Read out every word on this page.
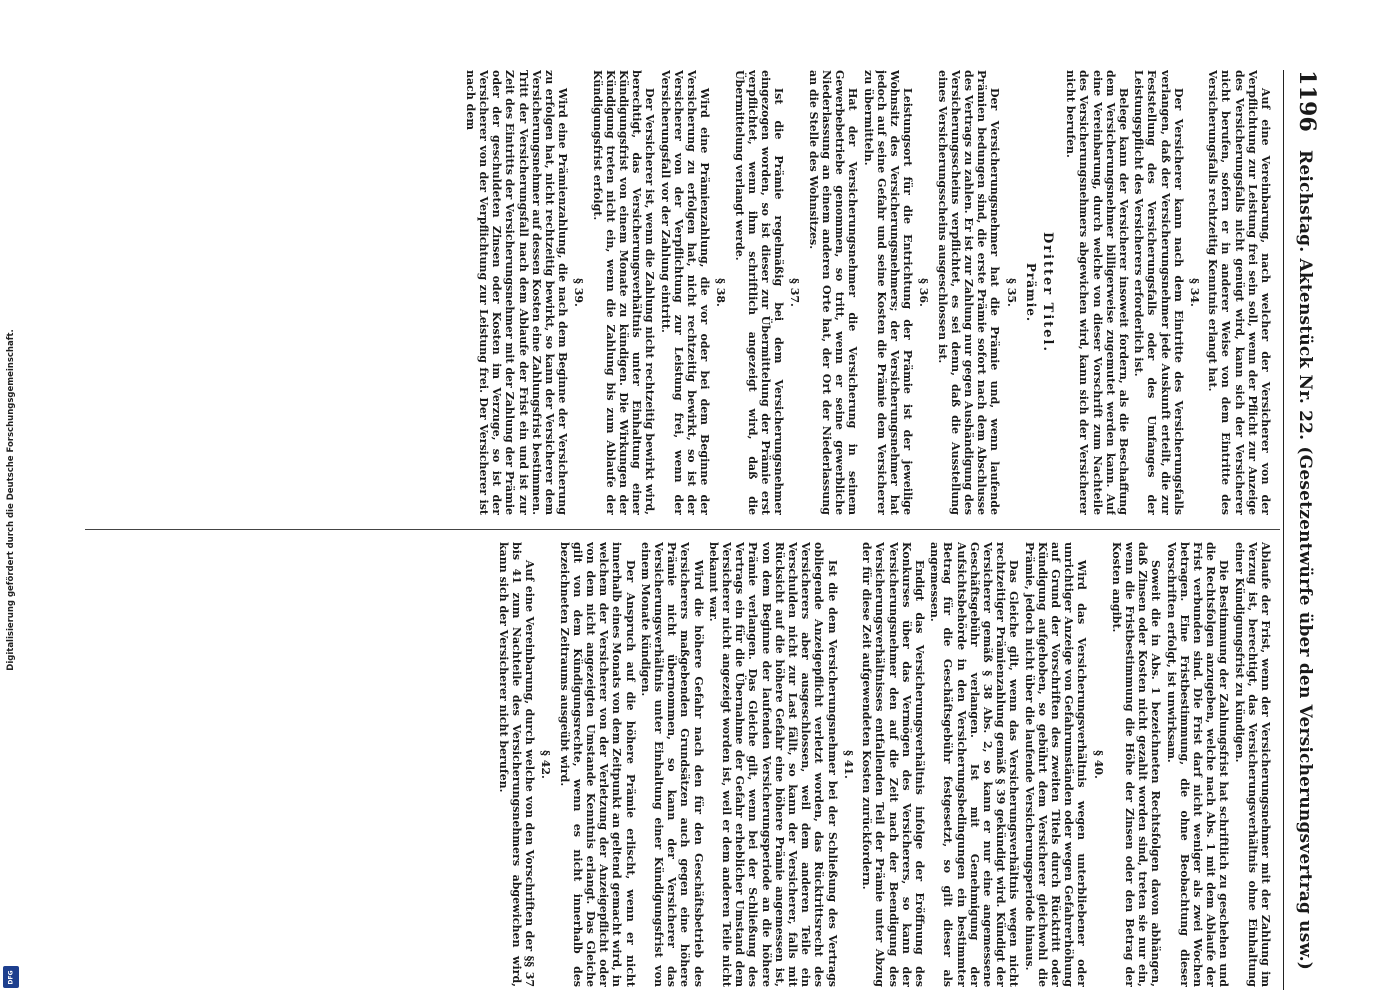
Digitalisierung gefördert durch die Deutsche Forschungsgemeinschaft.
DFG
1196
Reichstag. Aktenstück Nr. 22. (Gesetzentwürfe über den Versicherungsvertrag usw.)

Auf eine Vereinbarung, nach welcher der Versicherer von der Verpflichtung zur Leistung frei sein soll, wenn der Pflicht zur Anzeige des Versicherungsfalls nicht genügt wird, kann sich der Versicherer nicht berufen, sofern er in anderer Weise von dem Eintritte des Versicherungsfalls rechtzeitig Kenntnis erlangt hat.

§ 34.

Der Versicherer kann nach dem Eintritte des Versicherungsfalls verlangen, daß der Versicherungsnehmer jede Auskunft erteilt, die zur Feststellung des Versicherungsfalls oder des Umfanges der Leistungspflicht des Versicherers erforderlich ist.

Belege kann der Versicherer insoweit fordern, als die Beschaffung dem Versicherungsnehmer billigerweise zugemutet werden kann. Auf eine Vereinbarung, durch welche von dieser Vorschrift zum Nachteile des Versicherungsnehmers abgewichen wird, kann sich der Versicherer nicht berufen.

Dritter Titel.

Prämie.

§ 35.

Der Versicherungsnehmer hat die Prämie und, wenn laufende Prämien bedungen sind, die erste Prämie sofort nach dem Abschlusse des Vertrags zu zahlen. Er ist zur Zahlung nur gegen Aushändigung des Versicherungsscheins verpflichtet, es sei denn, daß die Ausstellung eines Versicherungsscheins ausgeschlossen ist.

§ 36.

Leistungsort für die Entrichtung der Prämie ist der jeweilige Wohnsitz des Versicherungsnehmers; der Versicherungsnehmer hat jedoch auf seine Gefahr und seine Kosten die Prämie dem Versicherer zu übermitteln.

Hat der Versicherungsnehmer die Versicherung in seinem Gewerbebetriebe genommen, so tritt, wenn er seine gewerbliche Niederlassung an einem anderen Orte hat, der Ort der Niederlassung an die Stelle des Wohnsitzes.

§ 37.

Ist die Prämie regelmäßig bei dem Versicherungsnehmer eingezogen worden, so ist dieser zur Übermittelung der Prämie erst verpflichtet, wenn ihm schriftlich angezeigt wird, daß die Übermittelung verlangt werde.

§ 38.

Wird eine Prämienzahlung, die vor oder bei dem Beginne der Versicherung zu erfolgen hat, nicht rechtzeitig bewirkt, so ist der Versicherer von der Verpflichtung zur Leistung frei, wenn der Versicherungsfall vor der Zahlung eintritt.

Der Versicherer ist, wenn die Zahlung nicht rechtzeitig bewirkt wird, berechtigt, das Versicherungsverhältnis unter Einhaltung einer Kündigungsfrist von einem Monate zu kündigen. Die Wirkungen der Kündigung treten nicht ein, wenn die Zahlung bis zum Ablaufe der Kündigungsfrist erfolgt.

§ 39.

Wird eine Prämienzahlung, die nach dem Beginne der Versicherung zu erfolgen hat, nicht rechtzeitig bewirkt, so kann der Versicherer dem Versicherungsnehmer auf dessen Kosten eine Zahlungsfrist bestimmen. Tritt der Versicherungsfall nach dem Ablaufe der Frist ein und ist zur Zeit des Eintritts der Versicherungsnehmer mit der Zahlung der Prämie oder der geschuldeten Zinsen oder Kosten im Verzuge, so ist der Versicherer von der Verpflichtung zur Leistung frei. Der Versicherer ist nach dem

Ablaufe der Frist, wenn der Versicherungsnehmer mit der Zahlung im Verzug ist, berechtigt, das Versicherungsverhältnis ohne Einhaltung einer Kündigungsfrist zu kündigen.

Die Bestimmung der Zahlungsfrist hat schriftlich zu geschehen und die Rechtsfolgen anzugeben, welche nach Abs. 1 mit dem Ablaufe der Frist verbunden sind. Die Frist darf nicht weniger als zwei Wochen betragen. Eine Fristbestimmung, die ohne Beobachtung dieser Vorschriften erfolgt, ist unwirksam.

Soweit die in Abs. 1 bezeichneten Rechtsfolgen davon abhängen, daß Zinsen oder Kosten nicht gezahlt worden sind, treten sie nur ein, wenn die Fristbestimmung die Höhe der Zinsen oder den Betrag der Kosten angibt.

§ 40.

Wird das Versicherungsverhältnis wegen unterbliebener oder unrichtiger Anzeige von Gefahrumständen oder wegen Gefahrerhöhung auf Grund der Vorschriften des zweiten Titels durch Rücktritt oder Kündigung aufgehoben, so gebührt dem Versicherer gleichwohl die Prämie, jedoch nicht über die laufende Versicherungsperiode hinaus.

Das Gleiche gilt, wenn das Versicherungsverhältnis wegen nicht rechtzeitiger Prämienzahlung gemäß § 39 gekündigt wird. Kündigt der Versicherer gemäß § 38 Abs. 2, so kann er nur eine angemessene Geschäftsgebühr verlangen. Ist mit Genehmigung der Aufsichtsbehörde in den Versicherungsbedingungen ein bestimmter Betrag für die Geschäftsgebühr festgesetzt, so gilt dieser als angemessen.

Endigt das Versicherungsverhältnis infolge der Eröffnung des Konkurses über das Vermögen des Versicherers, so kann der Versicherungsnehmer den auf die Zeit nach der Beendigung des Versicherungsverhältnisses entfallenden Teil der Prämie unter Abzug der für diese Zeit aufgewendeten Kosten zurückfordern.

§ 41.

Ist die dem Versicherungsnehmer bei der Schließung des Vertrags obliegende Anzeigepflicht verletzt worden, das Rücktrittsrecht des Versicherers aber ausgeschlossen, weil dem anderen Teile ein Verschulden nicht zur Last fällt, so kann der Versicherer, falls mit Rücksicht auf die höhere Gefahr eine höhere Prämie angemessen ist, von dem Beginne der laufenden Versicherungsperiode an die höhere Prämie verlangen. Das Gleiche gilt, wenn bei der Schließung des Vertrags ein für die Übernahme der Gefahr erheblicher Umstand dem Versicherer nicht angezeigt worden ist, weil er dem anderen Teile nicht bekannt war.

Wird die höhere Gefahr nach den für den Geschäftsbetrieb des Versicherers maßgebenden Grundsätzen auch gegen eine höhere Prämie nicht übernommen, so kann der Versicherer das Versicherungsverhältnis unter Einhaltung einer Kündigungsfrist von einem Monate kündigen.

Der Anspruch auf die höhere Prämie erlischt, wenn er nicht innerhalb eines Monats von dem Zeitpunkt an geltend gemacht wird, in welchem der Versicherer von der Verletzung der Anzeigepflicht oder von dem nicht angezeigten Umstande Kenntnis erlangt. Das Gleiche gilt von dem Kündigungsrechte, wenn es nicht innerhalb des bezeichneten Zeitraums ausgeübt wird.

§ 42.

Auf eine Vereinbarung, durch welche von den Vorschriften der §§ 37 bis 41 zum Nachteile des Versicherungsnehmers abgewichen wird, kann sich der Versicherer nicht berufen.
